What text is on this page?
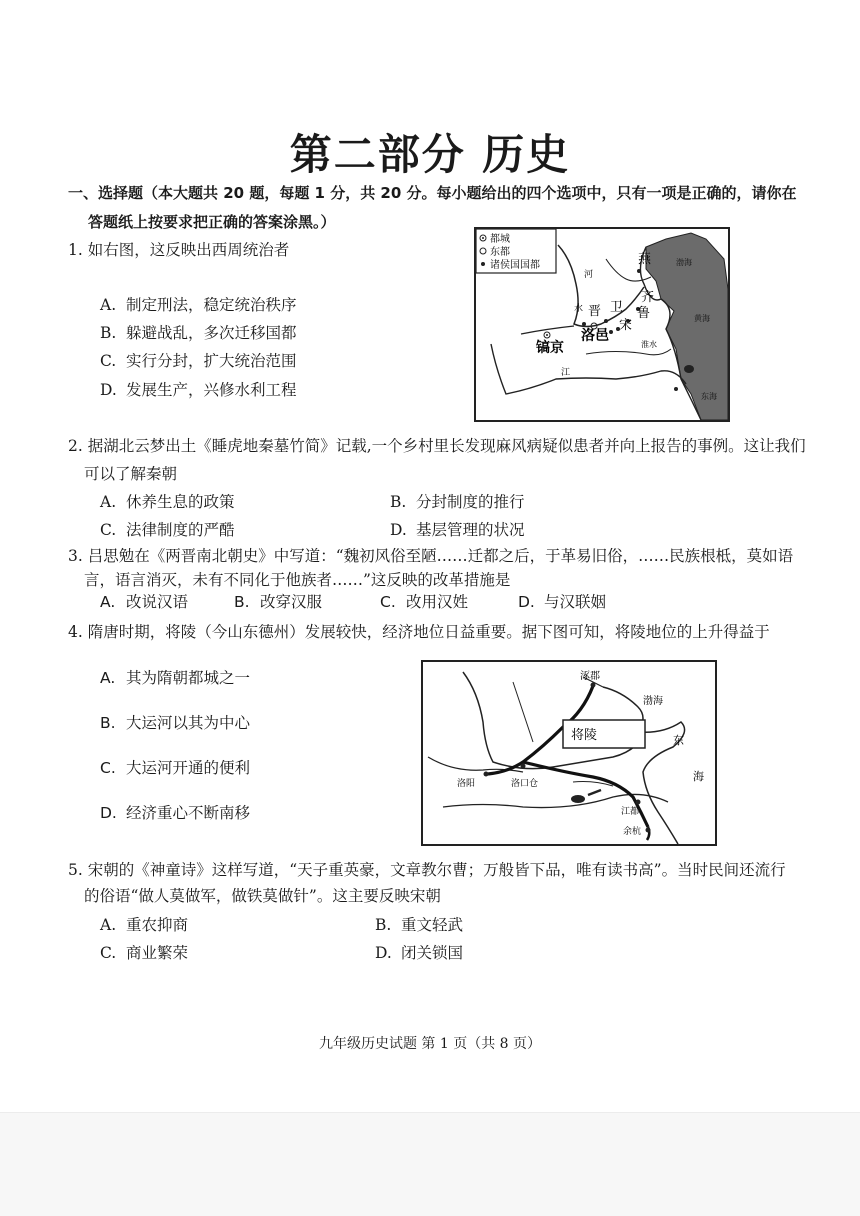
第二部分 历史
一、选择题（本大题共 20 题，每题 1 分，共 20 分。每小题给出的四个选项中，只有一项是正确的，请你在
答题纸上按要求把正确的答案涂黑。）
1. 如右图，这反映出西周统治者
A. 制定刑法，稳定统治秩序
B. 躲避战乱，多次迁移国都
C. 实行分封，扩大统治范围
D. 发展生产，兴修水利工程
都城
东都
诸侯国国都
镐京
洛邑
燕
齐
鲁
晋 卫
宋
河
水
江
淮水
渤海
黄海
东海
2. 据湖北云梦出土《睡虎地秦墓竹简》记载,一个乡村里长发现麻风病疑似患者并向上报告的事例。这让我们
可以了解秦朝
A. 休养生息的政策	B. 分封制度的推行
C. 法律制度的严酷	D. 基层管理的状况
3. 吕思勉在《两晋南北朝史》中写道：“魏初风俗至陋……迁都之后，于革易旧俗，……民族根柢，莫如语
言，语言消灭，未有不同化于他族者……”这反映的改革措施是
A. 改说汉语	B. 改穿汉服	C. 改用汉姓	D. 与汉联姻
4. 隋唐时期，将陵（今山东德州）发展较快，经济地位日益重要。据下图可知，将陵地位的上升得益于
A. 其为隋朝都城之一
B. 大运河以其为中心
C. 大运河开通的便利
D. 经济重心不断南移
将陵
涿郡
渤海
东
海
洛阳	洛口仓
江都
余杭
5. 宋朝的《神童诗》这样写道，“天子重英豪，文章教尔曹；万般皆下品，唯有读书高”。当时民间还流行
的俗语“做人莫做军，做铁莫做针”。这主要反映宋朝
A. 重农抑商	B. 重文轻武
C. 商业繁荣	D. 闭关锁国
九年级历史试题 第 1 页（共 8 页）
